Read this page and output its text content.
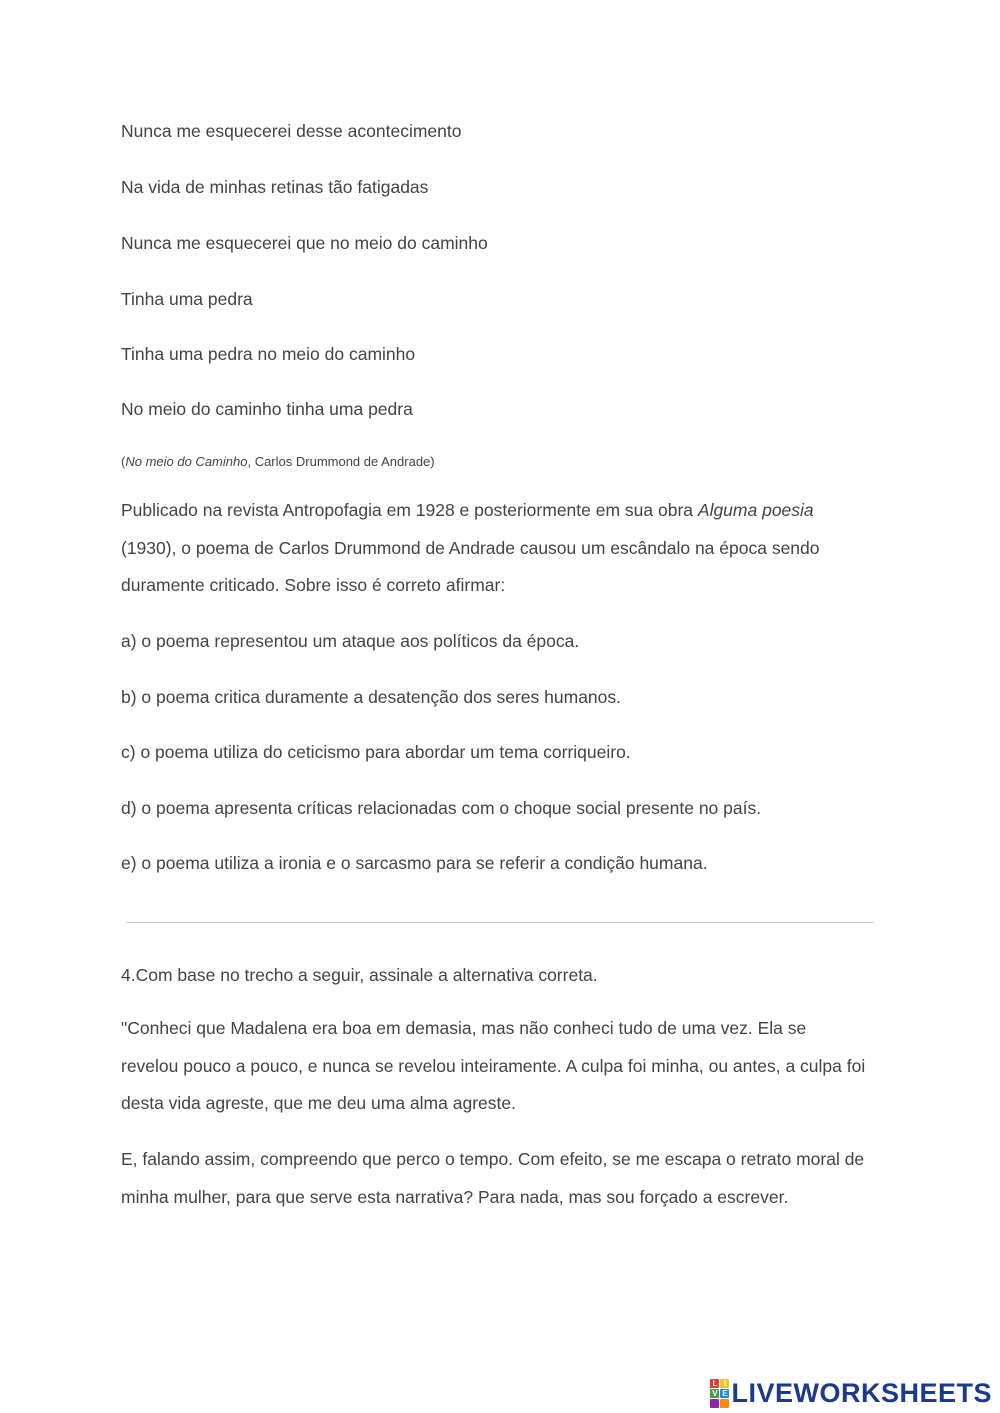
Nunca me esquecerei desse acontecimento
Na vida de minhas retinas tão fatigadas
Nunca me esquecerei que no meio do caminho
Tinha uma pedra
Tinha uma pedra no meio do caminho
No meio do caminho tinha uma pedra
(No meio do Caminho, Carlos Drummond de Andrade)
Publicado na revista Antropofagia em 1928 e posteriormente em sua obra Alguma poesia (1930), o poema de Carlos Drummond de Andrade causou um escândalo na época sendo duramente criticado. Sobre isso é correto afirmar:
a) o poema representou um ataque aos políticos da época.
b) o poema critica duramente a desatenção dos seres humanos.
c) o poema utiliza do ceticismo para abordar um tema corriqueiro.
d) o poema apresenta críticas relacionadas com o choque social presente no país.
e) o poema utiliza a ironia e o sarcasmo para se referir a condição humana.
4.Com base no trecho a seguir, assinale a alternativa correta.
"Conheci que Madalena era boa em demasia, mas não conheci tudo de uma vez. Ela se revelou pouco a pouco, e nunca se revelou inteiramente. A culpa foi minha, ou antes, a culpa foi desta vida agreste, que me deu uma alma agreste.
E, falando assim, compreendo que perco o tempo. Com efeito, se me escapa o retrato moral de minha mulher, para que serve esta narrativa? Para nada, mas sou forçado a escrever.
L I
V E LIVEWORKSHEETS
